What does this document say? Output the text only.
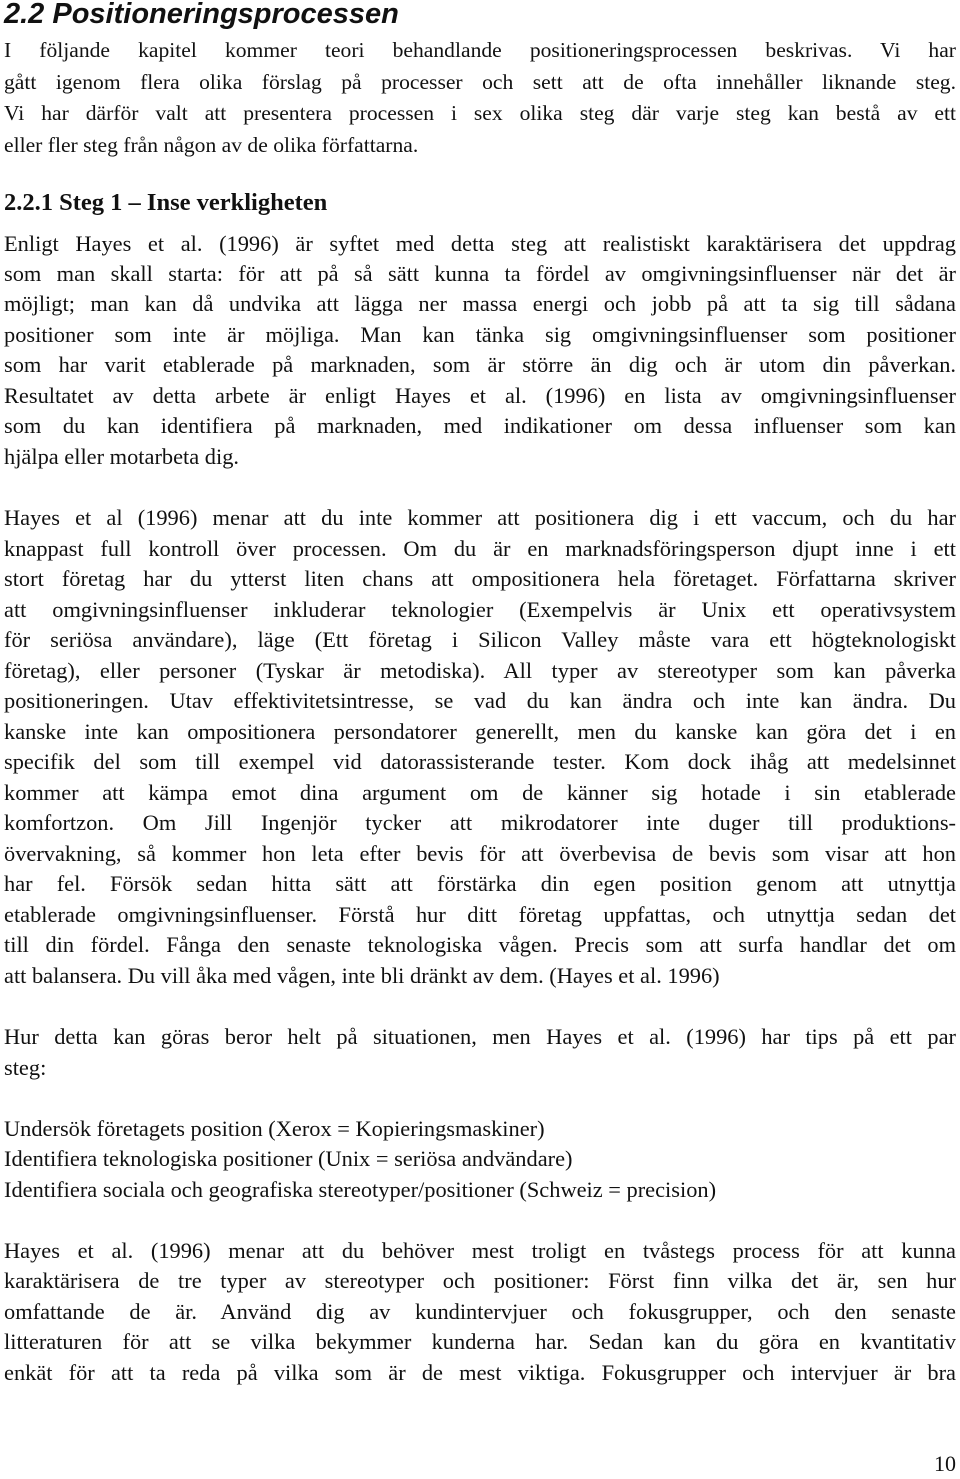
2.2 Positioneringsprocessen
I följande kapitel kommer teori behandlande positioneringsprocessen beskrivas. Vi har
gått igenom flera olika förslag på processer och sett att de ofta innehåller liknande steg.
Vi har därför valt att presentera processen i sex olika steg där varje steg kan bestå av ett
eller fler steg från någon av de olika författarna.
2.2.1 Steg 1 – Inse verkligheten
Enligt Hayes et al. (1996) är syftet med detta steg att realistiskt karaktärisera det uppdrag
som man skall starta: för att på så sätt kunna ta fördel av omgivningsinfluenser när det är
möjligt; man kan då undvika att lägga ner massa energi och jobb på att ta sig till sådana
positioner som inte är möjliga. Man kan tänka sig omgivningsinfluenser som positioner
som har varit etablerade på marknaden, som är större än dig och är utom din påverkan.
Resultatet av detta arbete är enligt Hayes et al. (1996) en lista av omgivningsinfluenser
som du kan identifiera på marknaden, med indikationer om dessa influenser som kan
hjälpa eller motarbeta dig.
Hayes et al (1996) menar att du inte kommer att positionera dig i ett vaccum, och du har
knappast full kontroll över processen. Om du är en marknadsföringsperson djupt inne i ett
stort företag har du ytterst liten chans att ompositionera hela företaget. Författarna skriver
att omgivningsinfluenser inkluderar teknologier (Exempelvis är Unix ett operativsystem
för seriösa användare), läge (Ett företag i Silicon Valley måste vara ett högteknologiskt
företag), eller personer (Tyskar är metodiska). All typer av stereotyper som kan påverka
positioneringen. Utav effektivitetsintresse, se vad du kan ändra och inte kan ändra. Du
kanske inte kan ompositionera persondatorer generellt, men du kanske kan göra det i en
specifik del som till exempel vid datorassisterande tester. Kom dock ihåg att medelsinnet
kommer att kämpa emot dina argument om de känner sig hotade i sin etablerade
komfortzon. Om Jill Ingenjör tycker att mikrodatorer inte duger till produktions-
övervakning, så kommer hon leta efter bevis för att överbevisa de bevis som visar att hon
har fel. Försök sedan hitta sätt att förstärka din egen position genom att utnyttja
etablerade omgivningsinfluenser. Förstå hur ditt företag uppfattas, och utnyttja sedan det
till din fördel. Fånga den senaste teknologiska vågen. Precis som att surfa handlar det om
att balansera. Du vill åka med vågen, inte bli dränkt av dem. (Hayes et al. 1996)
Hur detta kan göras beror helt på situationen, men Hayes et al. (1996) har tips på ett par
steg:
Undersök företagets position (Xerox = Kopieringsmaskiner)
Identifiera teknologiska positioner (Unix = seriösa andvändare)
Identifiera sociala och geografiska stereotyper/positioner (Schweiz = precision)
Hayes et al. (1996) menar att du behöver mest troligt en tvåstegs process för att kunna
karaktärisera de tre typer av stereotyper och positioner: Först finn vilka det är, sen hur
omfattande de är. Använd dig av kundintervjuer och fokusgrupper, och den senaste
litteraturen för att se vilka bekymmer kunderna har. Sedan kan du göra en kvantitativ
enkät för att ta reda på vilka som är de mest viktiga. Fokusgrupper och intervjuer är bra
10
